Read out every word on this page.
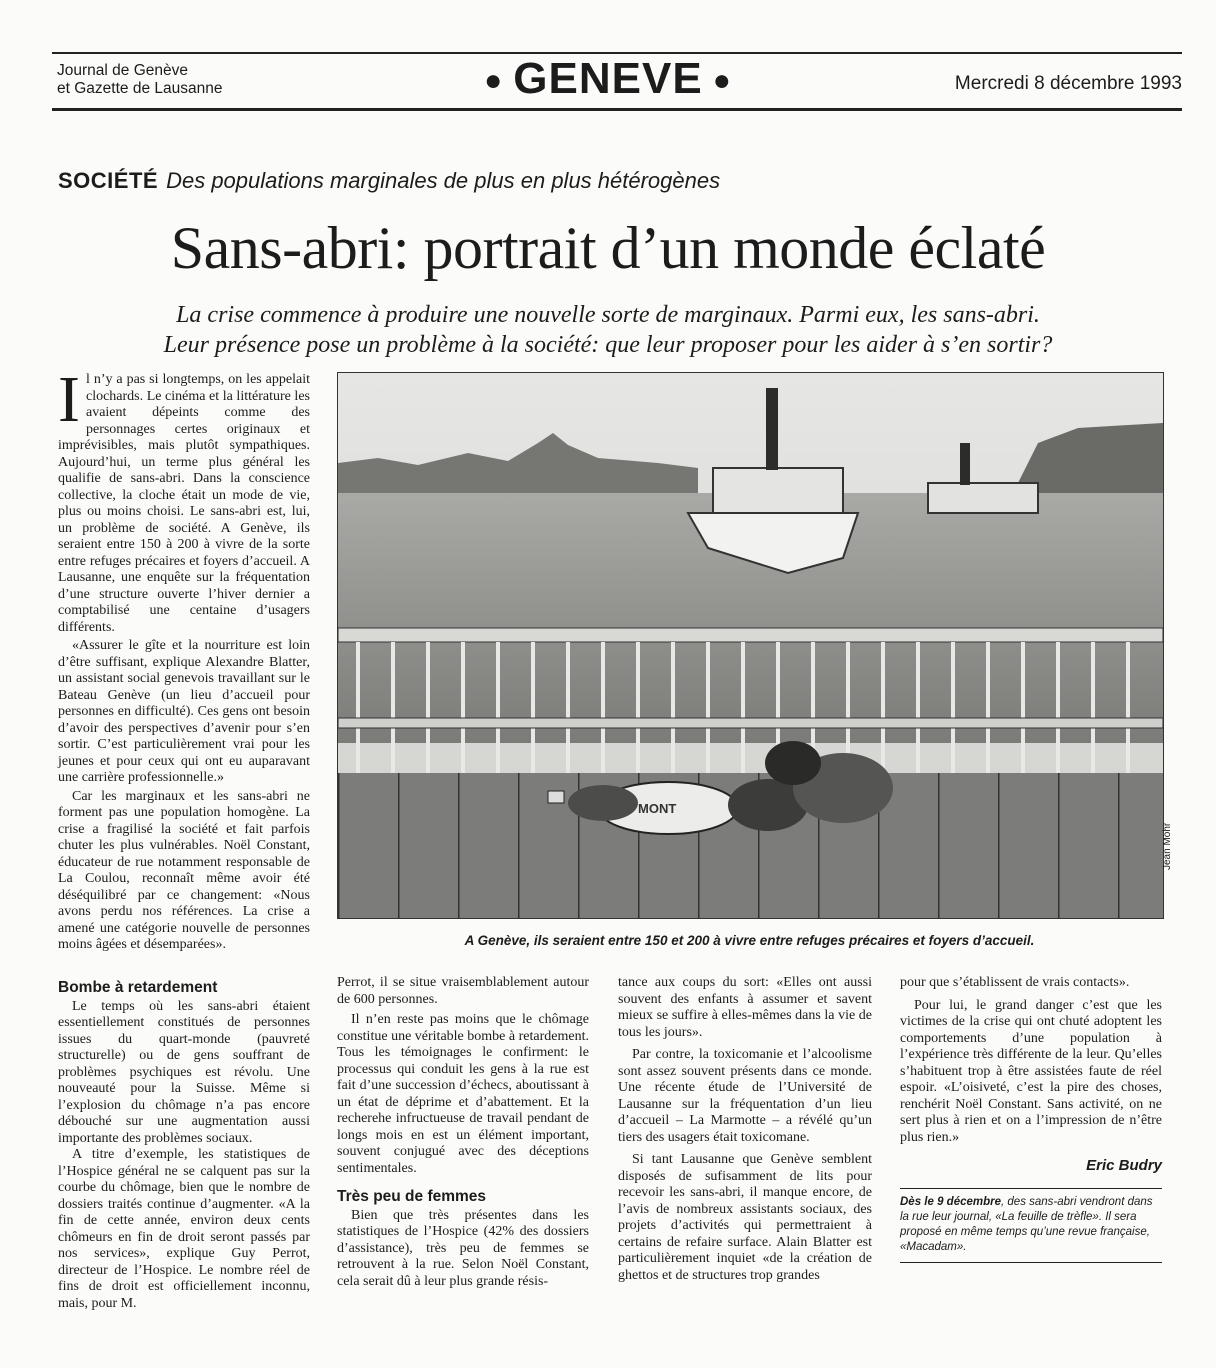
Journal de Genève
et Gazette de Lausanne	● GENEVE ●	Mercredi 8 décembre 1993
SOCIÉTÉ Des populations marginales de plus en plus hétérogènes
Sans-abri: portrait d’un monde éclaté
La crise commence à produire une nouvelle sorte de marginaux. Parmi eux, les sans-abri.
Leur présence pose un problème à la société: que leur proposer pour les aider à s’en sortir?

Il n’y a pas si longtemps, on les appelait clochards. Le cinéma et la littérature les avaient dépeints comme des personnages certes originaux et imprévisibles, mais plutôt sympathiques. Aujourd’hui, un terme plus général les qualifie de sans-abri. Dans la conscience collective, la cloche était un mode de vie, plus ou moins choisi. Le sans-abri est, lui, un problème de société. A Genève, ils seraient entre 150 à 200 à vivre de la sorte entre refuges précaires et foyers d’accueil. A Lausanne, une enquête sur la fréquentation d’une structure ouverte l’hiver dernier a comptabilisé une centaine d’usagers différents.

«Assurer le gîte et la nourriture est loin d’être suffisant, explique Alexandre Blatter, un assistant social genevois travaillant sur le Bateau Genève (un lieu d’accueil pour personnes en difficulté). Ces gens ont besoin d’avoir des perspectives d’avenir pour s’en sortir. C’est particulièrement vrai pour les jeunes et pour ceux qui ont eu auparavant une carrière professionnelle.»

Car les marginaux et les sans-abri ne forment pas une population homogène. La crise a fragilisé la société et fait parfois chuter les plus vulnérables. Noël Constant, éducateur de rue notamment responsable de La Coulou, reconnaît même avoir été déséquilibré par ce changement: «Nous avons perdu nos références. La crise a amené une catégorie nouvelle de personnes moins âgées et désemparées».

MONT
Jean Mohr
A Genève, ils seraient entre 150 et 200 à vivre entre refuges précaires et foyers d’accueil.
Bombe à retardement

Le temps où les sans-abri étaient essentiellement constitués de personnes issues du quart-monde (pauvreté structurelle) ou de gens souffrant de problèmes psychiques est révolu. Une nouveauté pour la Suisse. Même si l’explosion du chômage n’a pas encore débouché sur une augmentation aussi importante des problèmes sociaux.

A titre d’exemple, les statistiques de l’Hospice général ne se calquent pas sur la courbe du chômage, bien que le nombre de dossiers traités continue d’augmenter. «A la fin de cette année, environ deux cents chômeurs en fin de droit seront passés par nos services», explique Guy Perrot, directeur de l’Hospice. Le nombre réel de fins de droit est officiellement inconnu, mais, pour M.

Perrot, il se situe vraisemblablement autour de 600 personnes.

Il n’en reste pas moins que le chômage constitue une véritable bombe à retardement. Tous les témoignages le confirment: le processus qui conduit les gens à la rue est fait d’une succession d’échecs, aboutissant à un état de déprime et d’abattement. Et la recherehe infructueuse de travail pendant de longs mois en est un élément important, souvent conjugué avec des déceptions sentimentales.

Très peu de femmes

Bien que très présentes dans les statistiques de l’Hospice (42% des dossiers d’assistance), très peu de femmes se retrouvent à la rue. Selon Noël Constant, cela serait dû à leur plus grande résis-

tance aux coups du sort: «Elles ont aussi souvent des enfants à assumer et savent mieux se suffire à elles-mêmes dans la vie de tous les jours».

Par contre, la toxicomanie et l’alcoolisme sont assez souvent présents dans ce monde. Une récente étude de l’Université de Lausanne sur la fréquentation d’un lieu d’accueil – La Marmotte – a révélé qu’un tiers des usagers était toxicomane.

Si tant Lausanne que Genève semblent disposés de sufisamment de lits pour recevoir les sans-abri, il manque encore, de l’avis de nombreux assistants sociaux, des projets d’activités qui permettraient à certains de refaire surface. Alain Blatter est particulièrement inquiet «de la création de ghettos et de structures trop grandes

pour que s’établissent de vrais contacts».

Pour lui, le grand danger c’est que les victimes de la crise qui ont chuté adoptent les comportements d’une population à l’expérience très différente de la leur. Qu’elles s’habituent trop à être assistées faute de réel espoir. «L’oisiveté, c’est la pire des choses, renchérit Noël Constant. Sans activité, on ne sert plus à rien et on a l’impression de n’être plus rien.»

Eric Budry
Dès le 9 décembre, des sans-abri vendront dans la rue leur journal, «La feuille de trèfle». Il sera proposé en même temps qu’une revue française, «Macadam».
